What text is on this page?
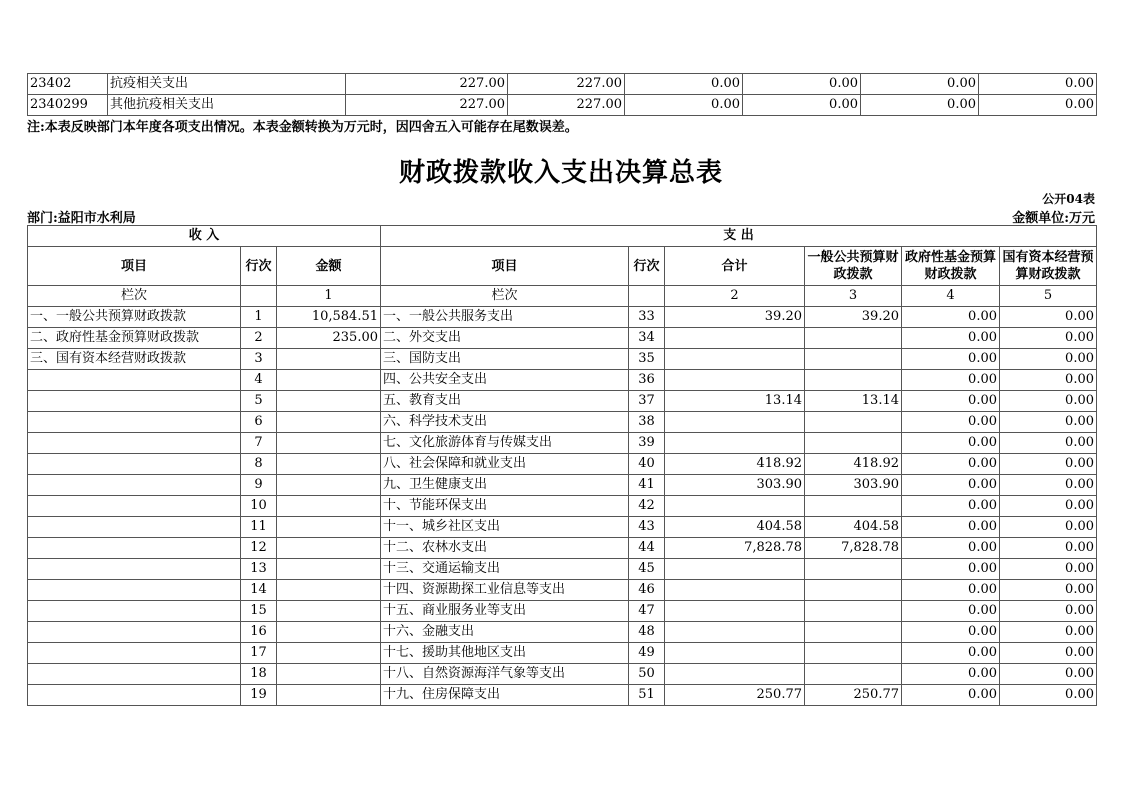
23402	抗疫相关支出	227.00	227.00	0.00	0.00	0.00	0.00
2340299	其他抗疫相关支出	227.00	227.00	0.00	0.00	0.00	0.00
注:本表反映部门本年度各项支出情况。本表金额转换为万元时，因四舍五入可能存在尾数误差。
财政拨款收入支出决算总表
公开04表
部门:益阳市水利局	金额单位:万元
收 入			支 出					
项目	行次	金额	项目	行次	合计	一般公共预算财政拨款	政府性基金预算财政拨款	国有资本经营预算财政拨款
栏次		1	栏次		2	3	4	5
一、一般公共预算财政拨款	1	10,584.51	一、一般公共服务支出	33	39.20	39.20	0.00	0.00
二、政府性基金预算财政拨款	2	235.00	二、外交支出	34			0.00	0.00
三、国有资本经营财政拨款	3		三、国防支出	35			0.00	0.00
	4		四、公共安全支出	36			0.00	0.00
	5		五、教育支出	37	13.14	13.14	0.00	0.00
	6		六、科学技术支出	38			0.00	0.00
	7		七、文化旅游体育与传媒支出	39			0.00	0.00
	8		八、社会保障和就业支出	40	418.92	418.92	0.00	0.00
	9		九、卫生健康支出	41	303.90	303.90	0.00	0.00
	10		十、节能环保支出	42			0.00	0.00
	11		十一、城乡社区支出	43	404.58	404.58	0.00	0.00
	12		十二、农林水支出	44	7,828.78	7,828.78	0.00	0.00
	13		十三、交通运输支出	45			0.00	0.00
	14		十四、资源勘探工业信息等支出	46			0.00	0.00
	15		十五、商业服务业等支出	47			0.00	0.00
	16		十六、金融支出	48			0.00	0.00
	17		十七、援助其他地区支出	49			0.00	0.00
	18		十八、自然资源海洋气象等支出	50			0.00	0.00
	19		十九、住房保障支出	51	250.77	250.77	0.00	0.00
